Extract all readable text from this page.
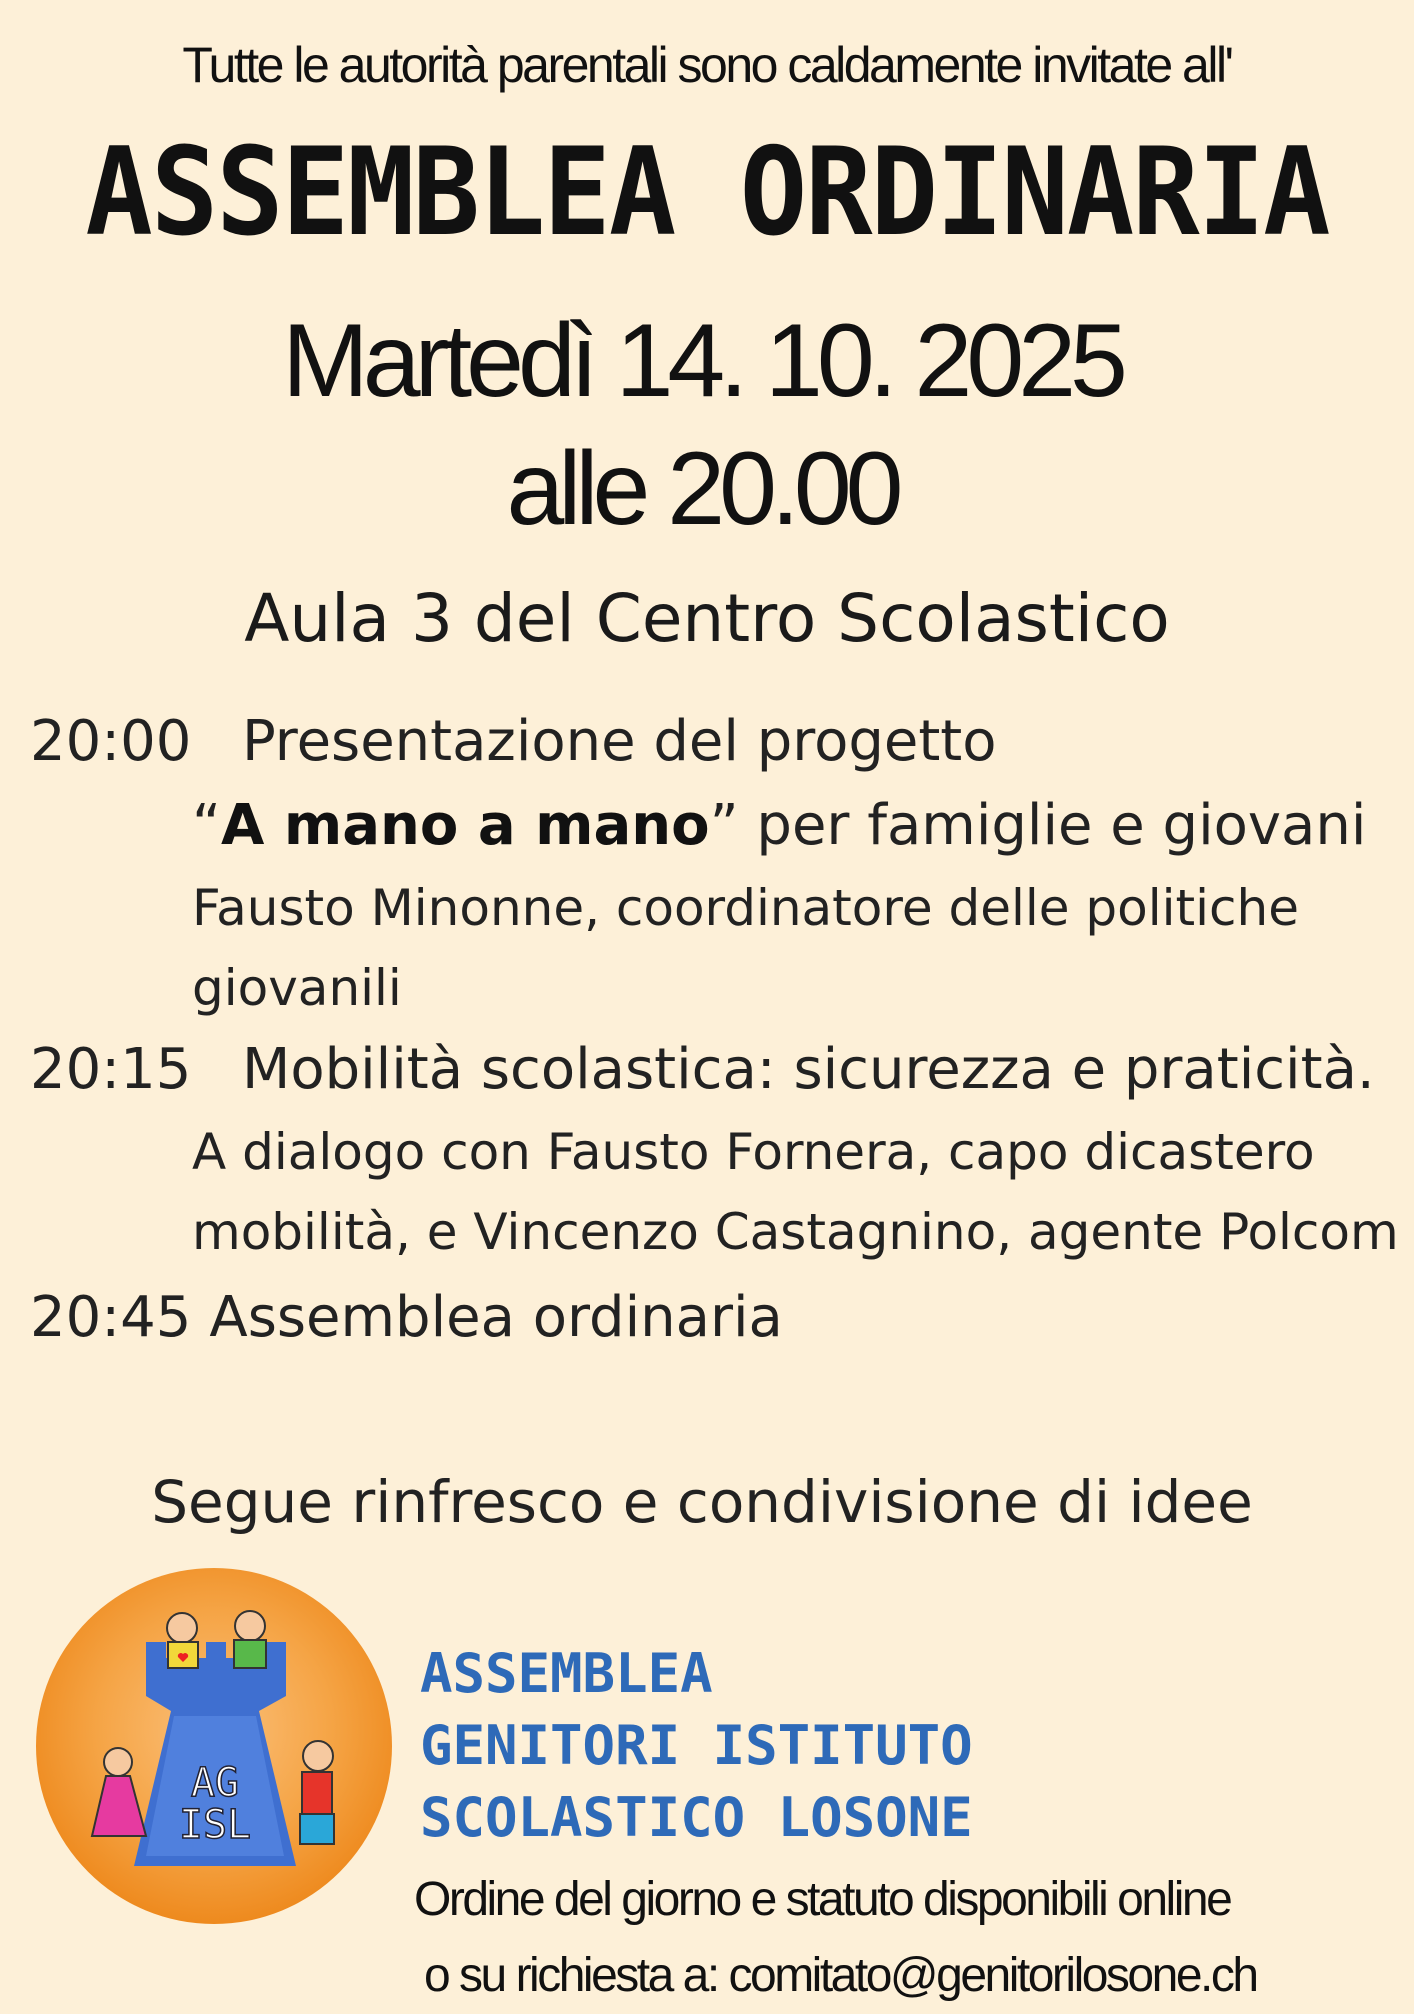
Tutte le autorità parentali sono caldamente invitate all'
ASSEMBLEA ORDINARIA
Martedì 14. 10. 2025
alle 20.00
Aula 3 del Centro Scolastico
20:00 Presentazione del progetto
“A mano a mano” per famiglie e giovani
Fausto Minonne, coordinatore delle politiche giovanili
20:15 Mobilità scolastica: sicurezza e praticità.
A dialogo con Fausto Fornera, capo dicastero mobilità, e Vincenzo Castagnino, agente Polcom
20:45 Assemblea ordinaria
Segue rinfresco e condivisione di idee
AG
ISL
ASSEMBLEA
GENITORI ISTITUTO
SCOLASTICO LOSONE
Ordine del giorno e statuto disponibili online
o su richiesta a: comitato@genitorilosone.ch
